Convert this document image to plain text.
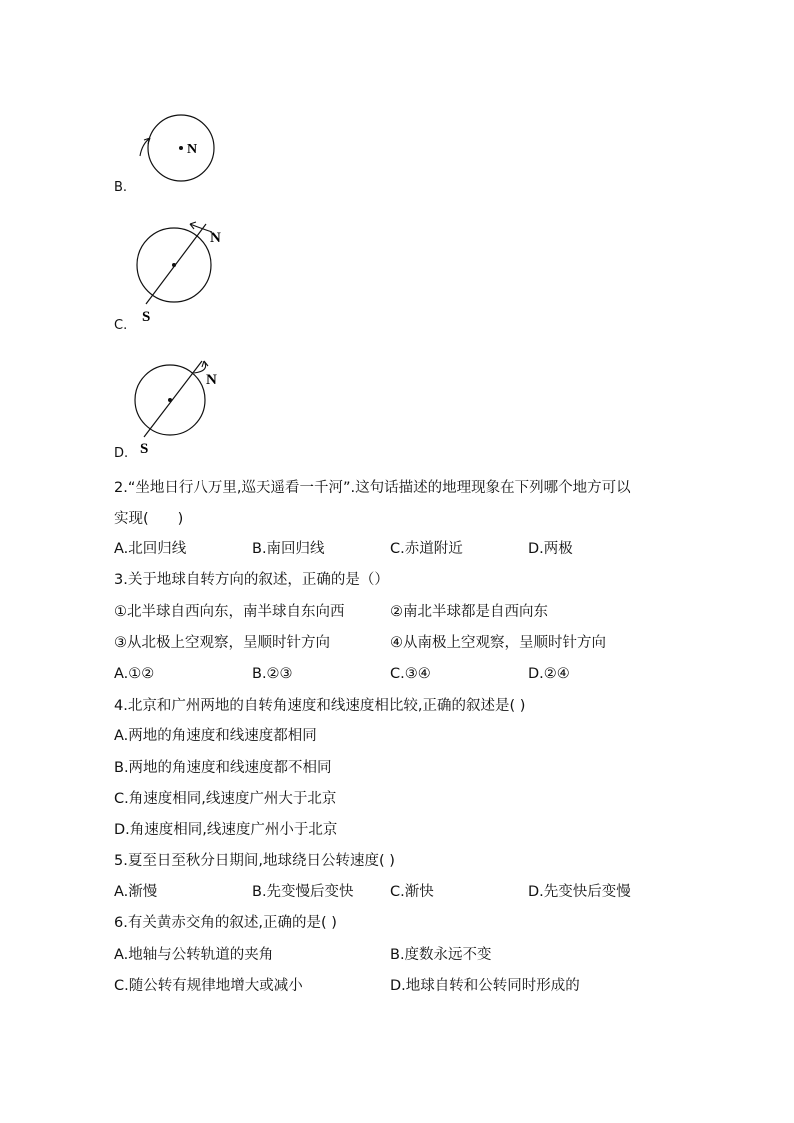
N
B.
N
S
C.
N
S
D.
2.“坐地日行八万里,巡天遥看一千河”.这句话描述的地理现象在下列哪个地方可以
实现(　　)
A.北回归线	B.南回归线	C.赤道附近	D.两极
3.关于地球自转方向的叙述，正确的是（）
①北半球自西向东，南半球自东向西	②南北半球都是自西向东
③从北极上空观察，呈顺时针方向	④从南极上空观察，呈顺时针方向
A.①②	B.②③	C.③④	D.②④
4.北京和广州两地的自转角速度和线速度相比较,正确的叙述是( )
A.两地的角速度和线速度都相同
B.两地的角速度和线速度都不相同
C.角速度相同,线速度广州大于北京
D.角速度相同,线速度广州小于北京
5.夏至日至秋分日期间,地球绕日公转速度( )
A.渐慢	B.先变慢后变快	C.渐快	D.先变快后变慢
6.有关黄赤交角的叙述,正确的是( )
A.地轴与公转轨道的夹角	B.度数永远不变
C.随公转有规律地增大或减小	D.地球自转和公转同时形成的
